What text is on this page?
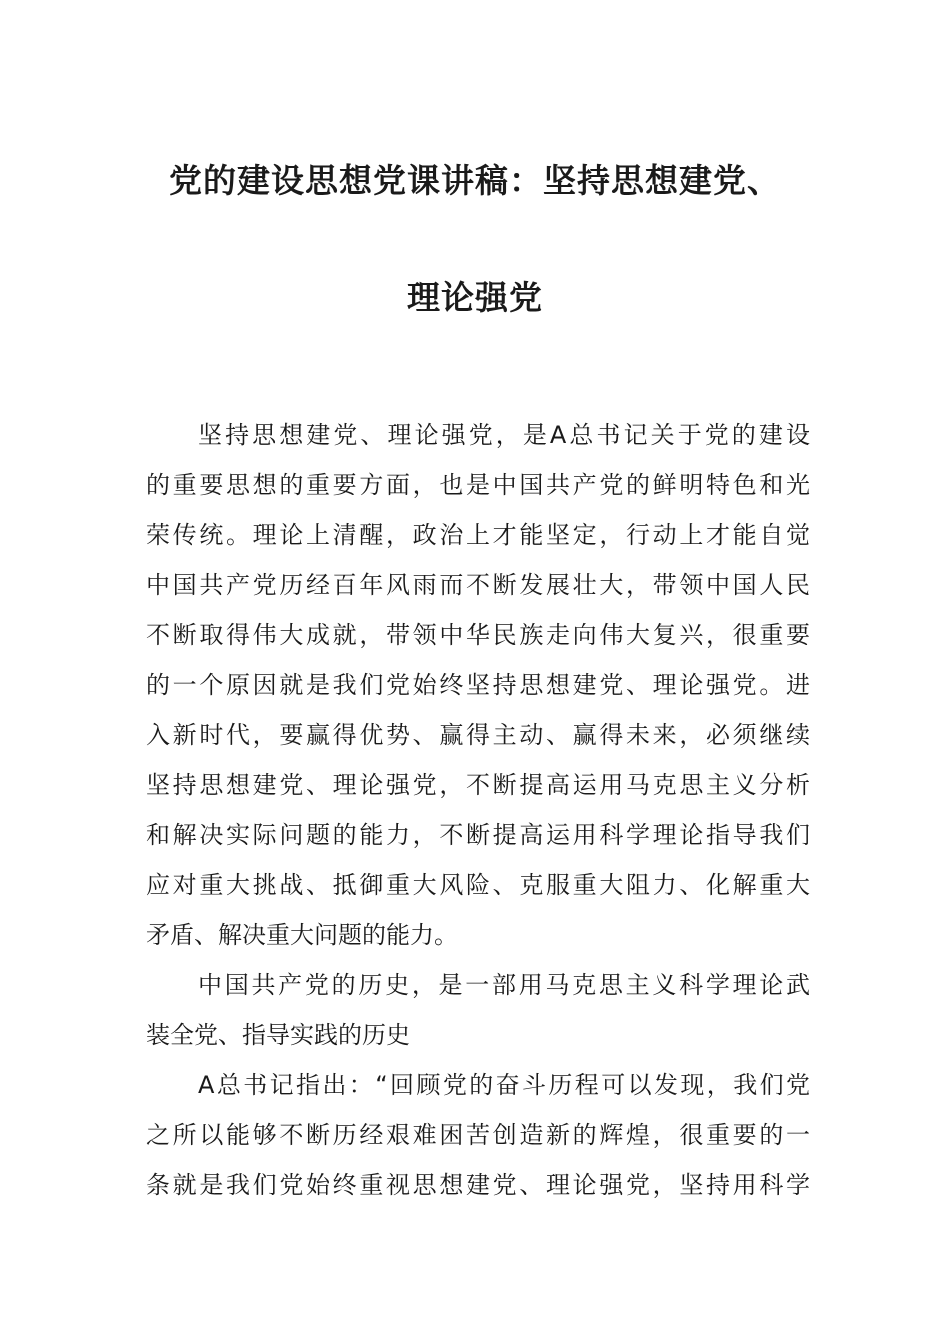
党的建设思想党课讲稿：坚持思想建党、
理论强党
坚持思想建党、理论强党，是A总书记关于党的建设
的重要思想的重要方面，也是中国共产党的鲜明特色和光
荣传统。理论上清醒，政治上才能坚定，行动上才能自觉
中国共产党历经百年风雨而不断发展壮大，带领中国人民
不断取得伟大成就，带领中华民族走向伟大复兴，很重要
的一个原因就是我们党始终坚持思想建党、理论强党。进
入新时代，要赢得优势、赢得主动、赢得未来，必须继续
坚持思想建党、理论强党，不断提高运用马克思主义分析
和解决实际问题的能力，不断提高运用科学理论指导我们
应对重大挑战、抵御重大风险、克服重大阻力、化解重大
矛盾、解决重大问题的能力。
中国共产党的历史，是一部用马克思主义科学理论武
装全党、指导实践的历史
A总书记指出：“回顾党的奋斗历程可以发现，我们党
之所以能够不断历经艰难困苦创造新的辉煌，很重要的一
条就是我们党始终重视思想建党、理论强党，坚持用科学
